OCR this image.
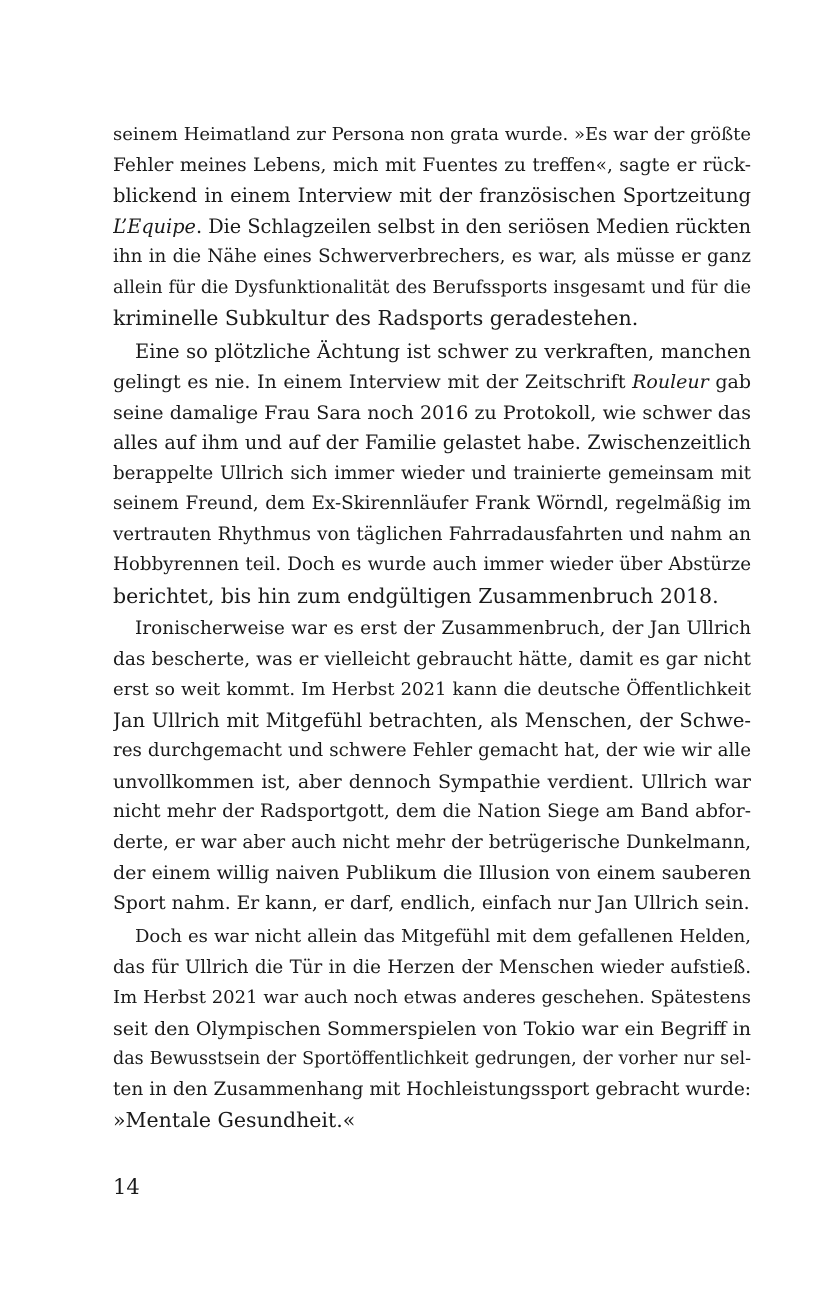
seinem Heimatland zur Persona non grata wurde. »Es war der größte
Fehler meines Lebens, mich mit Fuentes zu treffen«, sagte er rück-
blickend in einem Interview mit der französischen Sportzeitung
L’Equipe. Die Schlagzeilen selbst in den seriösen Medien rückten
ihn in die Nähe eines Schwerverbrechers, es war, als müsse er ganz
allein für die Dysfunktionalität des Berufssports insgesamt und für die
kriminelle Subkultur des Radsports geradestehen.
Eine so plötzliche Ächtung ist schwer zu verkraften, manchen
gelingt es nie. In einem Interview mit der Zeitschrift Rouleur gab
seine damalige Frau Sara noch 2016 zu Protokoll, wie schwer das
alles auf ihm und auf der Familie gelastet habe. Zwischenzeitlich
berappelte Ullrich sich immer wieder und trainierte gemeinsam mit
seinem Freund, dem Ex-Skirennläufer Frank Wörndl, regelmäßig im
vertrauten Rhythmus von täglichen Fahrradausfahrten und nahm an
Hobbyrennen teil. Doch es wurde auch immer wieder über Abstürze
berichtet, bis hin zum endgültigen Zusammenbruch 2018.
Ironischerweise war es erst der Zusammenbruch, der Jan Ullrich
das bescherte, was er vielleicht gebraucht hätte, damit es gar nicht
erst so weit kommt. Im Herbst 2021 kann die deutsche Öffentlichkeit
Jan Ullrich mit Mitgefühl betrachten, als Menschen, der Schwe-
res durchgemacht und schwere Fehler gemacht hat, der wie wir alle
unvollkommen ist, aber dennoch Sympathie verdient. Ullrich war
nicht mehr der Radsportgott, dem die Nation Siege am Band abfor-
derte, er war aber auch nicht mehr der betrügerische Dunkelmann,
der einem willig naiven Publikum die Illusion von einem sauberen
Sport nahm. Er kann, er darf, endlich, einfach nur Jan Ullrich sein.
Doch es war nicht allein das Mitgefühl mit dem gefallenen Helden,
das für Ullrich die Tür in die Herzen der Menschen wieder aufstieß.
Im Herbst 2021 war auch noch etwas anderes geschehen. Spätestens
seit den Olympischen Sommerspielen von Tokio war ein Begriff in
das Bewusstsein der Sportöffentlichkeit gedrungen, der vorher nur sel-
ten in den Zusammenhang mit Hochleistungssport gebracht wurde:
»Mentale Gesundheit.«
14
